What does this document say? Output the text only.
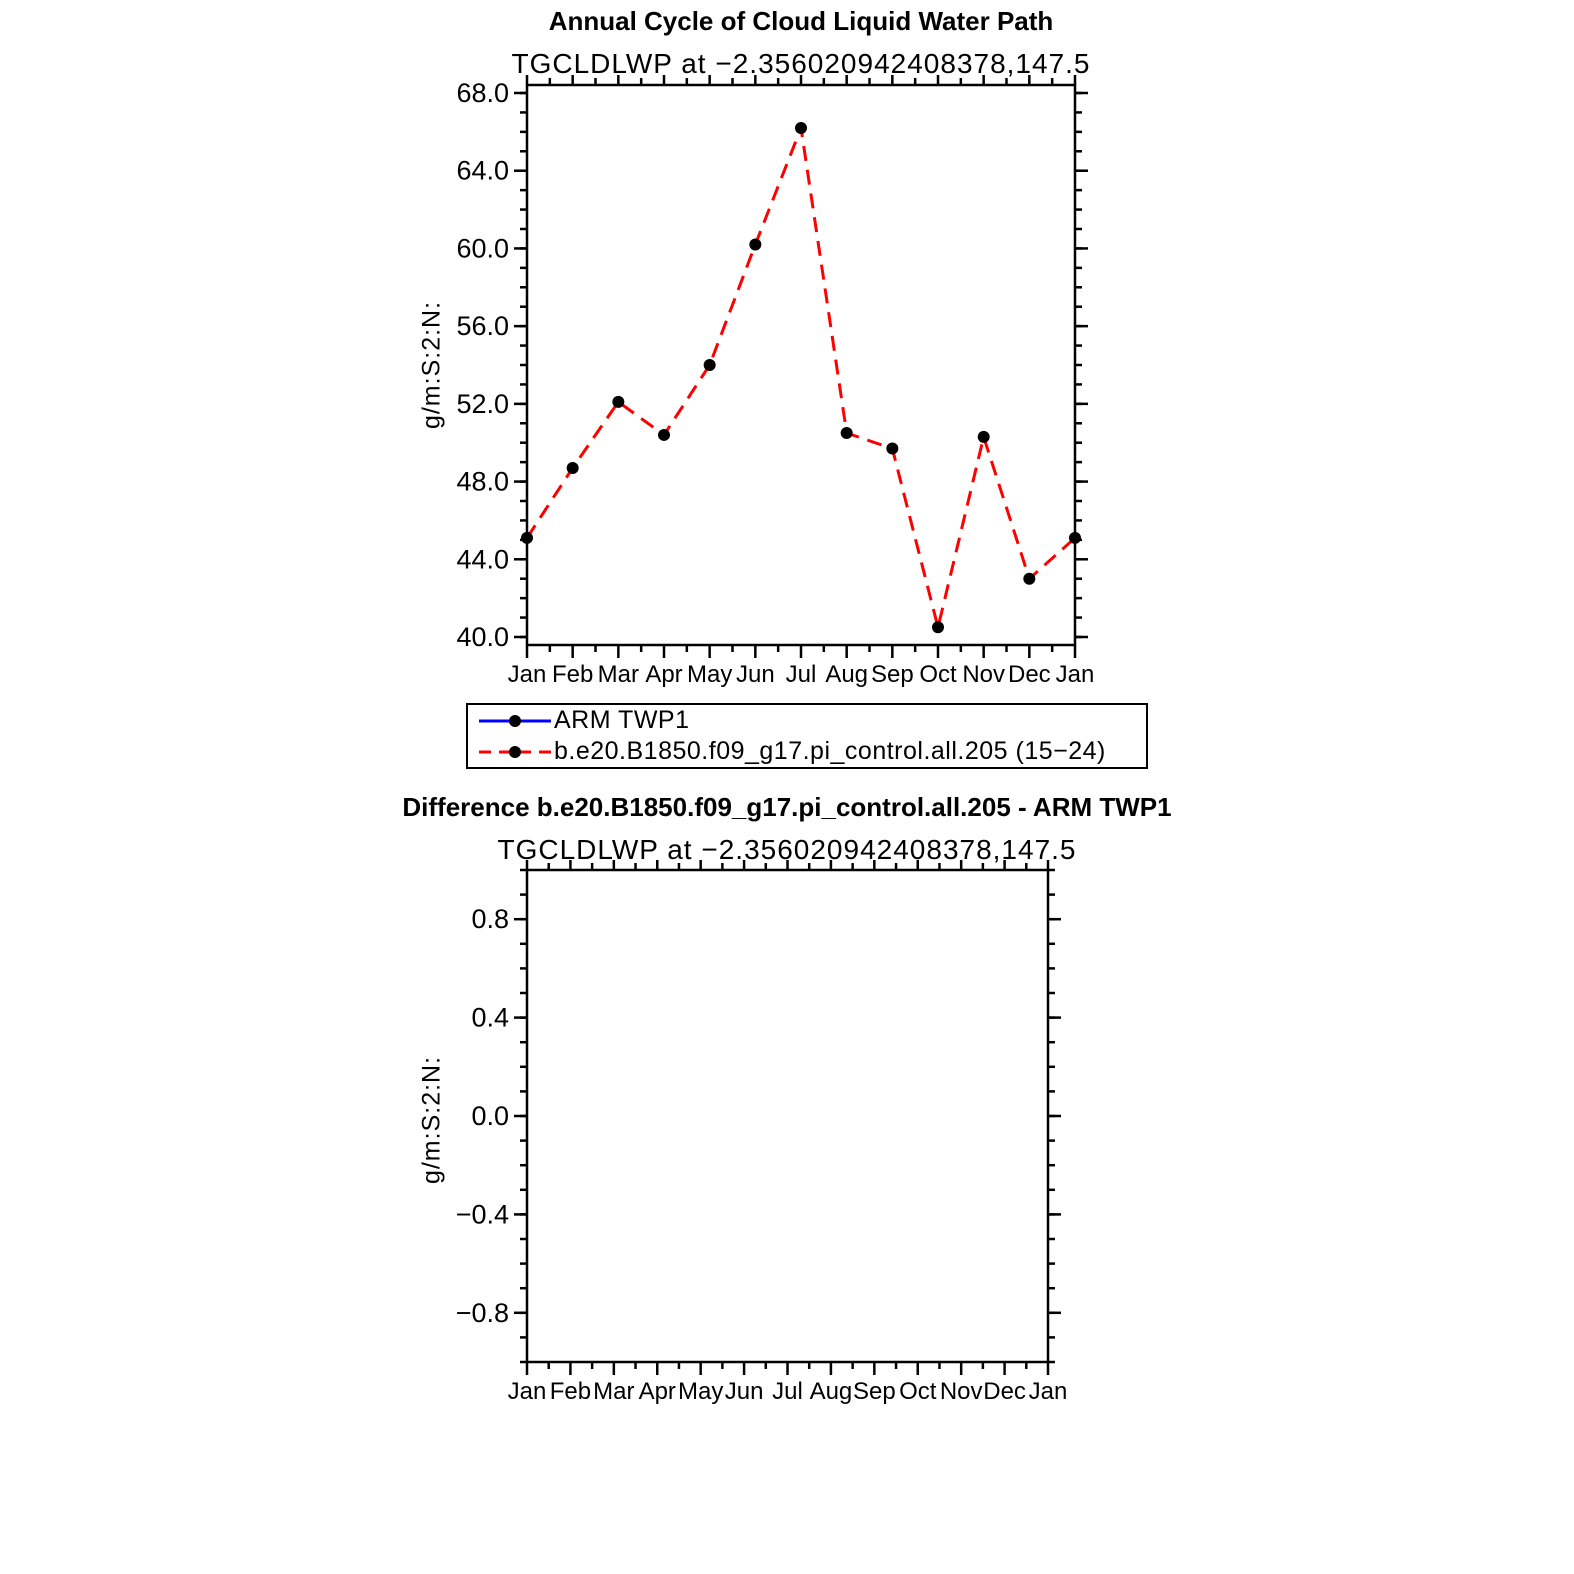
Annual Cycle of Cloud Liquid Water Path
TGCLDLWP at −2.356020942408378,147.5
g/m:S:2:N:
40.0
44.0
48.0
52.0
56.0
60.0
64.0
68.0
Jan Feb Mar Apr May Jun Jul Aug Sep Oct Nov Dec Jan
ARM TWP1
b.e20.B1850.f09_g17.pi_control.all.205 (15−24)
Difference b.e20.B1850.f09_g17.pi_control.all.205 - ARM TWP1
TGCLDLWP at −2.356020942408378,147.5
g/m:S:2:N:
−0.8
−0.4
0.0
0.4
0.8
Jan Feb Mar Apr May Jun Jul Aug Sep Oct Nov Dec Jan
